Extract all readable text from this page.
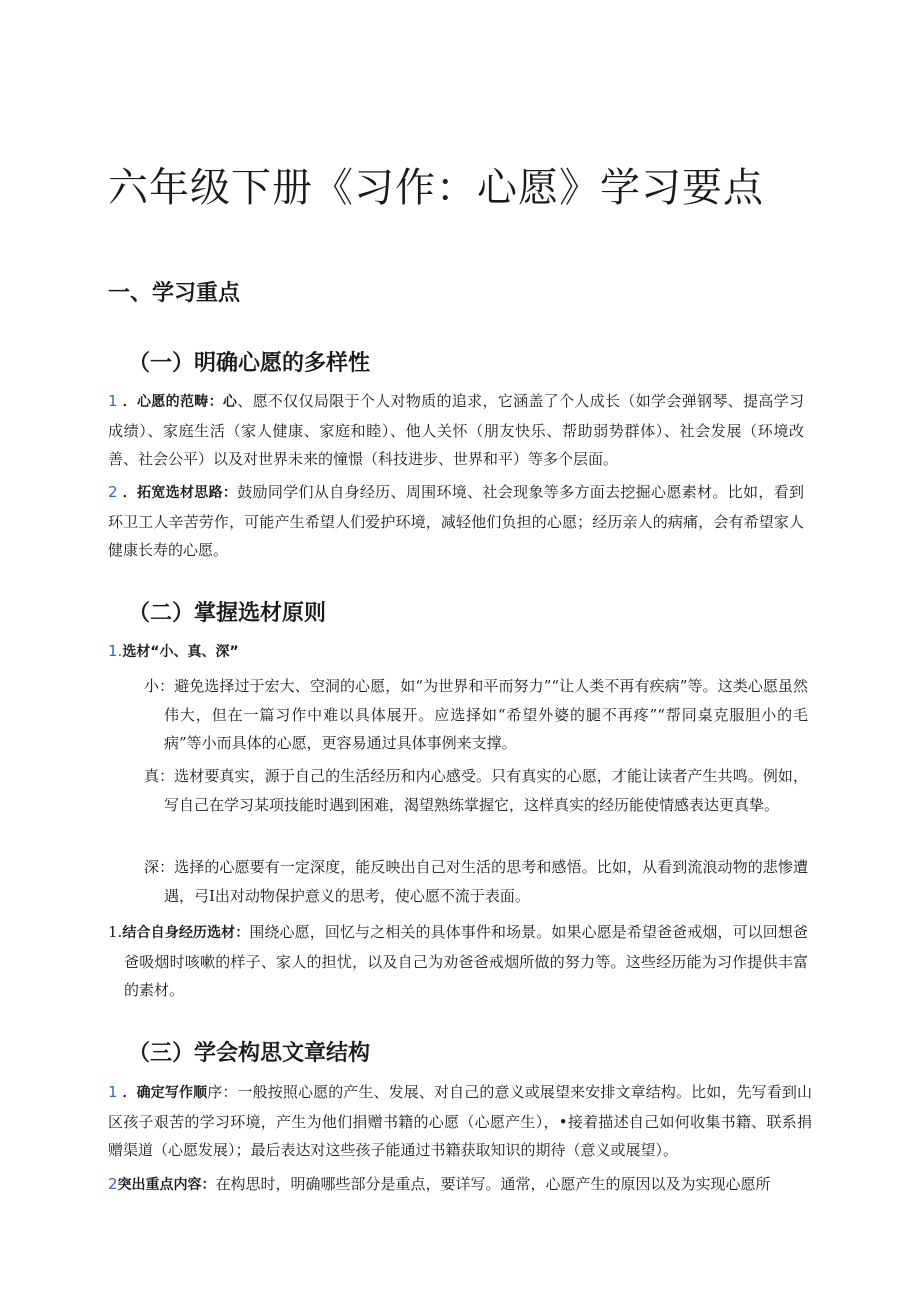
六年级下册《习作：心愿》学习要点
一、学习重点
（一）明确心愿的多样性

1 ．心愿的范畴：心、愿不仅仅局限于个人对物质的追求，它涵盖了个人成长（如学会弹钢琴、提高学习成绩）、家庭生活（家人健康、家庭和睦）、他人关怀（朋友快乐、帮助弱势群体）、社会发展（环境改善、社会公平）以及对世界未来的憧憬（科技进步、世界和平）等多个层面。

2 ．拓宽选材思路：鼓励同学们从自身经历、周围环境、社会现象等多方面去挖掘心愿素材。比如，看到环卫工人辛苦劳作，可能产生希望人们爱护环境，减轻他们负担的心愿；经历亲人的病痛，会有希望家人健康长寿的心愿。

（二）掌握选材原则

1.选材“小、真、深”

小：避免选择过于宏大、空洞的心愿，如“为世界和平而努力”“让人类不再有疾病”等。这类心愿虽然伟大，但在一篇习作中难以具体展开。应选择如“希望外婆的腿不再疼”“帮同桌克服胆小的毛病”等小而具体的心愿，更容易通过具体事例来支撑。

真：选材要真实，源于自己的生活经历和内心感受。只有真实的心愿，才能让读者产生共鸣。例如，写自己在学习某项技能时遇到困难，渴望熟练掌握它，这样真实的经历能使情感表达更真挚。

深：选择的心愿要有一定深度，能反映出自己对生活的思考和感悟。比如，从看到流浪动物的悲惨遭遇，弓I出对动物保护意义的思考，使心愿不流于表面。

1.结合自身经历选材：围绕心愿，回忆与之相关的具体事件和场景。如果心愿是希望爸爸戒烟，可以回想爸爸吸烟时咳嗽的样子、家人的担忧，以及自己为劝爸爸戒烟所做的努力等。这些经历能为习作提供丰富的素材。

（三）学会构思文章结构

1 ．确定写作顺序：一般按照心愿的产生、发展、对自己的意义或展望来安排文章结构。比如，先写看到山区孩子艰苦的学习环境，产生为他们捐赠书籍的心愿（心愿产生），•接着描述自己如何收集书籍、联系捐赠渠道（心愿发展）；最后表达对这些孩子能通过书籍获取知识的期待（意义或展望）。

2突出重点内容：在构思时，明确哪些部分是重点，要详写。通常，心愿产生的原因以及为实现心愿所
